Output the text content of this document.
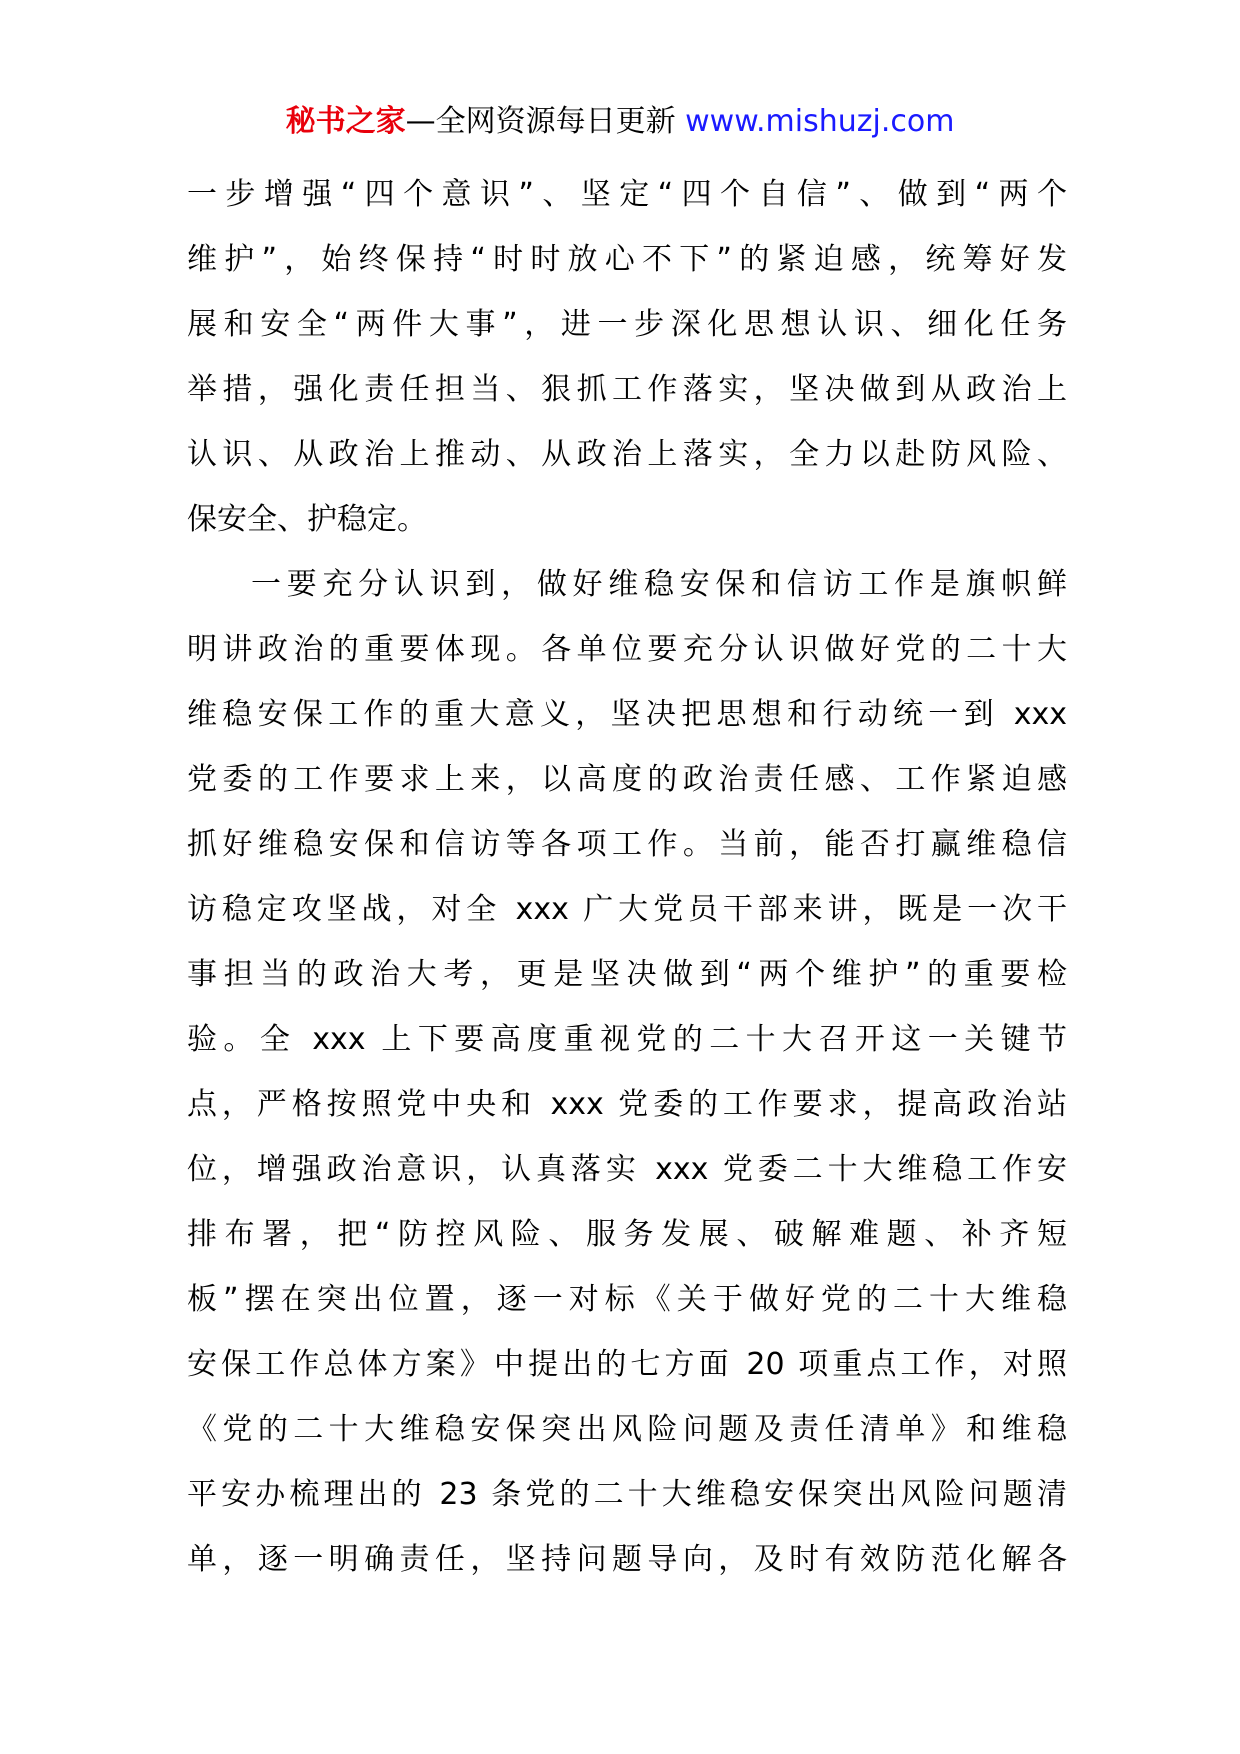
秘书之家—全网资源每日更新 www.mishuzj.com
一步增强“四个意识”、坚定“四个自信”、做到“两个
维护”，始终保持“时时放心不下”的紧迫感，统筹好发
展和安全“两件大事”，进一步深化思想认识、细化任务
举措，强化责任担当、狠抓工作落实，坚决做到从政治上
认识、从政治上推动、从政治上落实，全力以赴防风险、
保安全、护稳定。
一要充分认识到，做好维稳安保和信访工作是旗帜鲜
明讲政治的重要体现。各单位要充分认识做好党的二十大
维稳安保工作的重大意义，坚决把思想和行动统一到 xxx
党委的工作要求上来，以高度的政治责任感、工作紧迫感
抓好维稳安保和信访等各项工作。当前，能否打赢维稳信
访稳定攻坚战，对全 xxx 广大党员干部来讲，既是一次干
事担当的政治大考，更是坚决做到“两个维护”的重要检
验。全 xxx 上下要高度重视党的二十大召开这一关键节
点，严格按照党中央和 xxx 党委的工作要求，提高政治站
位，增强政治意识，认真落实 xxx 党委二十大维稳工作安
排布署，把“防控风险、服务发展、破解难题、补齐短
板”摆在突出位置，逐一对标《关于做好党的二十大维稳
安保工作总体方案》中提出的七方面 20 项重点工作，对照
《党的二十大维稳安保突出风险问题及责任清单》和维稳
平安办梳理出的 23 条党的二十大维稳安保突出风险问题清
单，逐一明确责任，坚持问题导向，及时有效防范化解各
